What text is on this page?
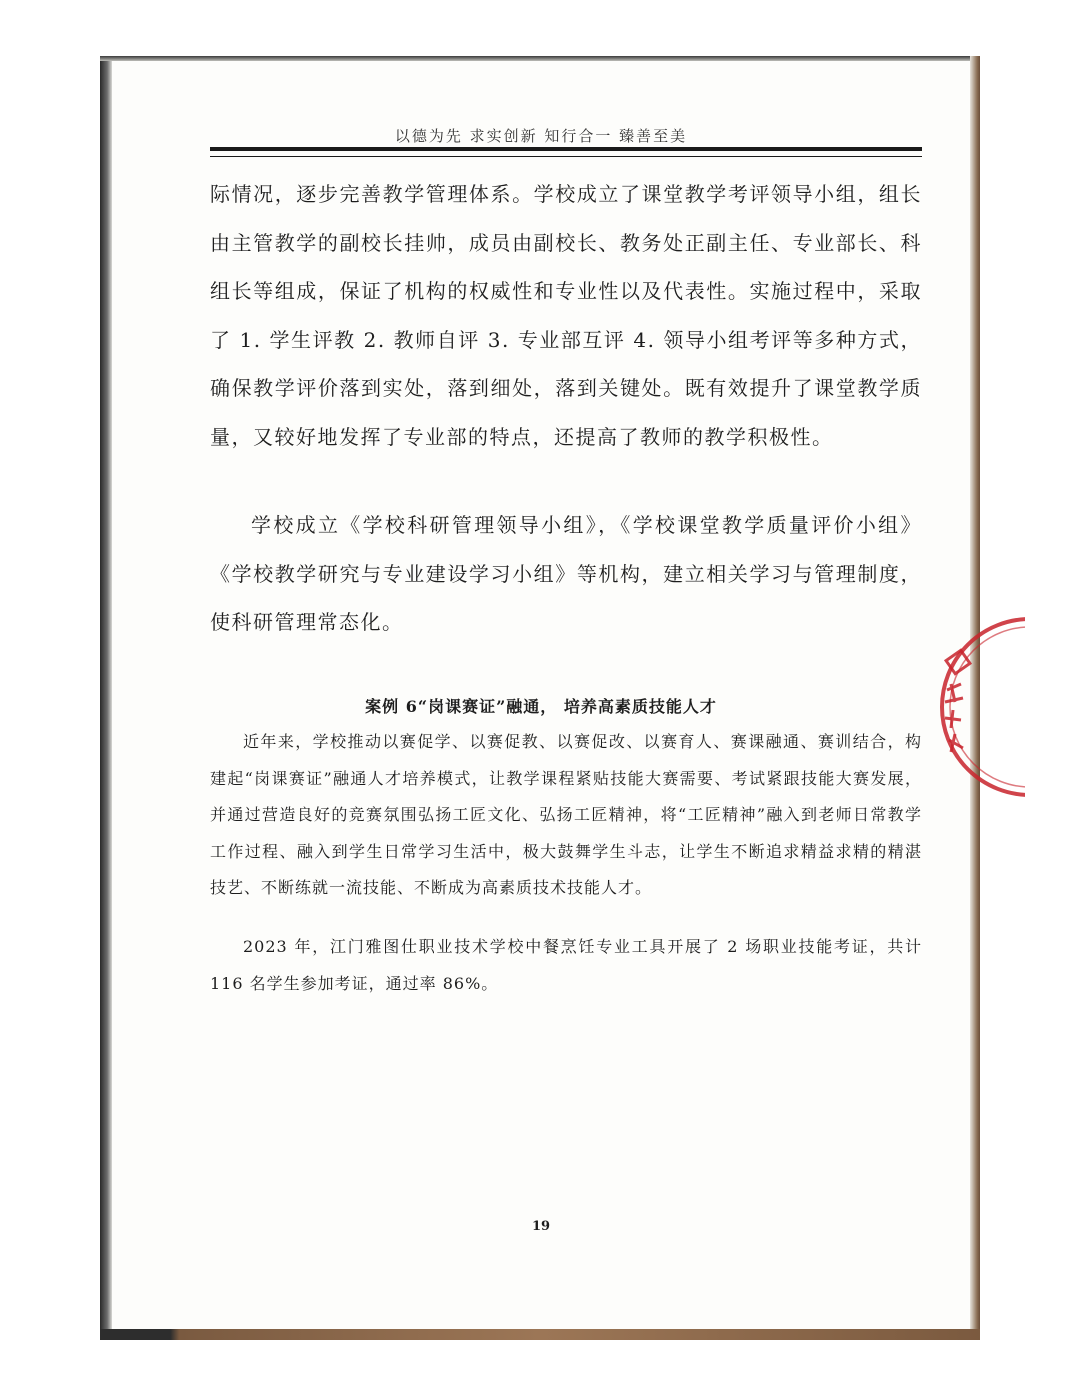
以德为先 求实创新 知行合一 臻善至美

际情况，逐步完善教学管理体系。学校成立了课堂教学考评领导小组，组长由主管教学的副校长挂帅，成员由副校长、教务处正副主任、专业部长、科组长等组成，保证了机构的权威性和专业性以及代表性。实施过程中，采取了 1. 学生评教 2. 教师自评 3. 专业部互评 4. 领导小组考评等多种方式，确保教学评价落到实处，落到细处，落到关键处。既有效提升了课堂教学质量，又较好地发挥了专业部的特点，还提高了教师的教学积极性。

学校成立《学校科研管理领导小组》，《学校课堂教学质量评价小组》《学校教学研究与专业建设学习小组》等机构，建立相关学习与管理制度，使科研管理常态化。

案例 6“岗课赛证”融通， 培养高素质技能人才

近年来，学校推动以赛促学、以赛促教、以赛促改、以赛育人、赛课融通、赛训结合，构建起“岗课赛证”融通人才培养模式，让教学课程紧贴技能大赛需要、考试紧跟技能大赛发展，并通过营造良好的竞赛氛围弘扬工匠文化、弘扬工匠精神，将“工匠精神”融入到老师日常教学工作过程、融入到学生日常学习生活中，极大鼓舞学生斗志，让学生不断追求精益求精的精湛技艺、不断练就一流技能、不断成为高素质技术技能人才。

2023 年，江门雅图仕职业技术学校中餐烹饪专业工具开展了 2 场职业技能考证，共计 116 名学生参加考证，通过率 86%。

19
